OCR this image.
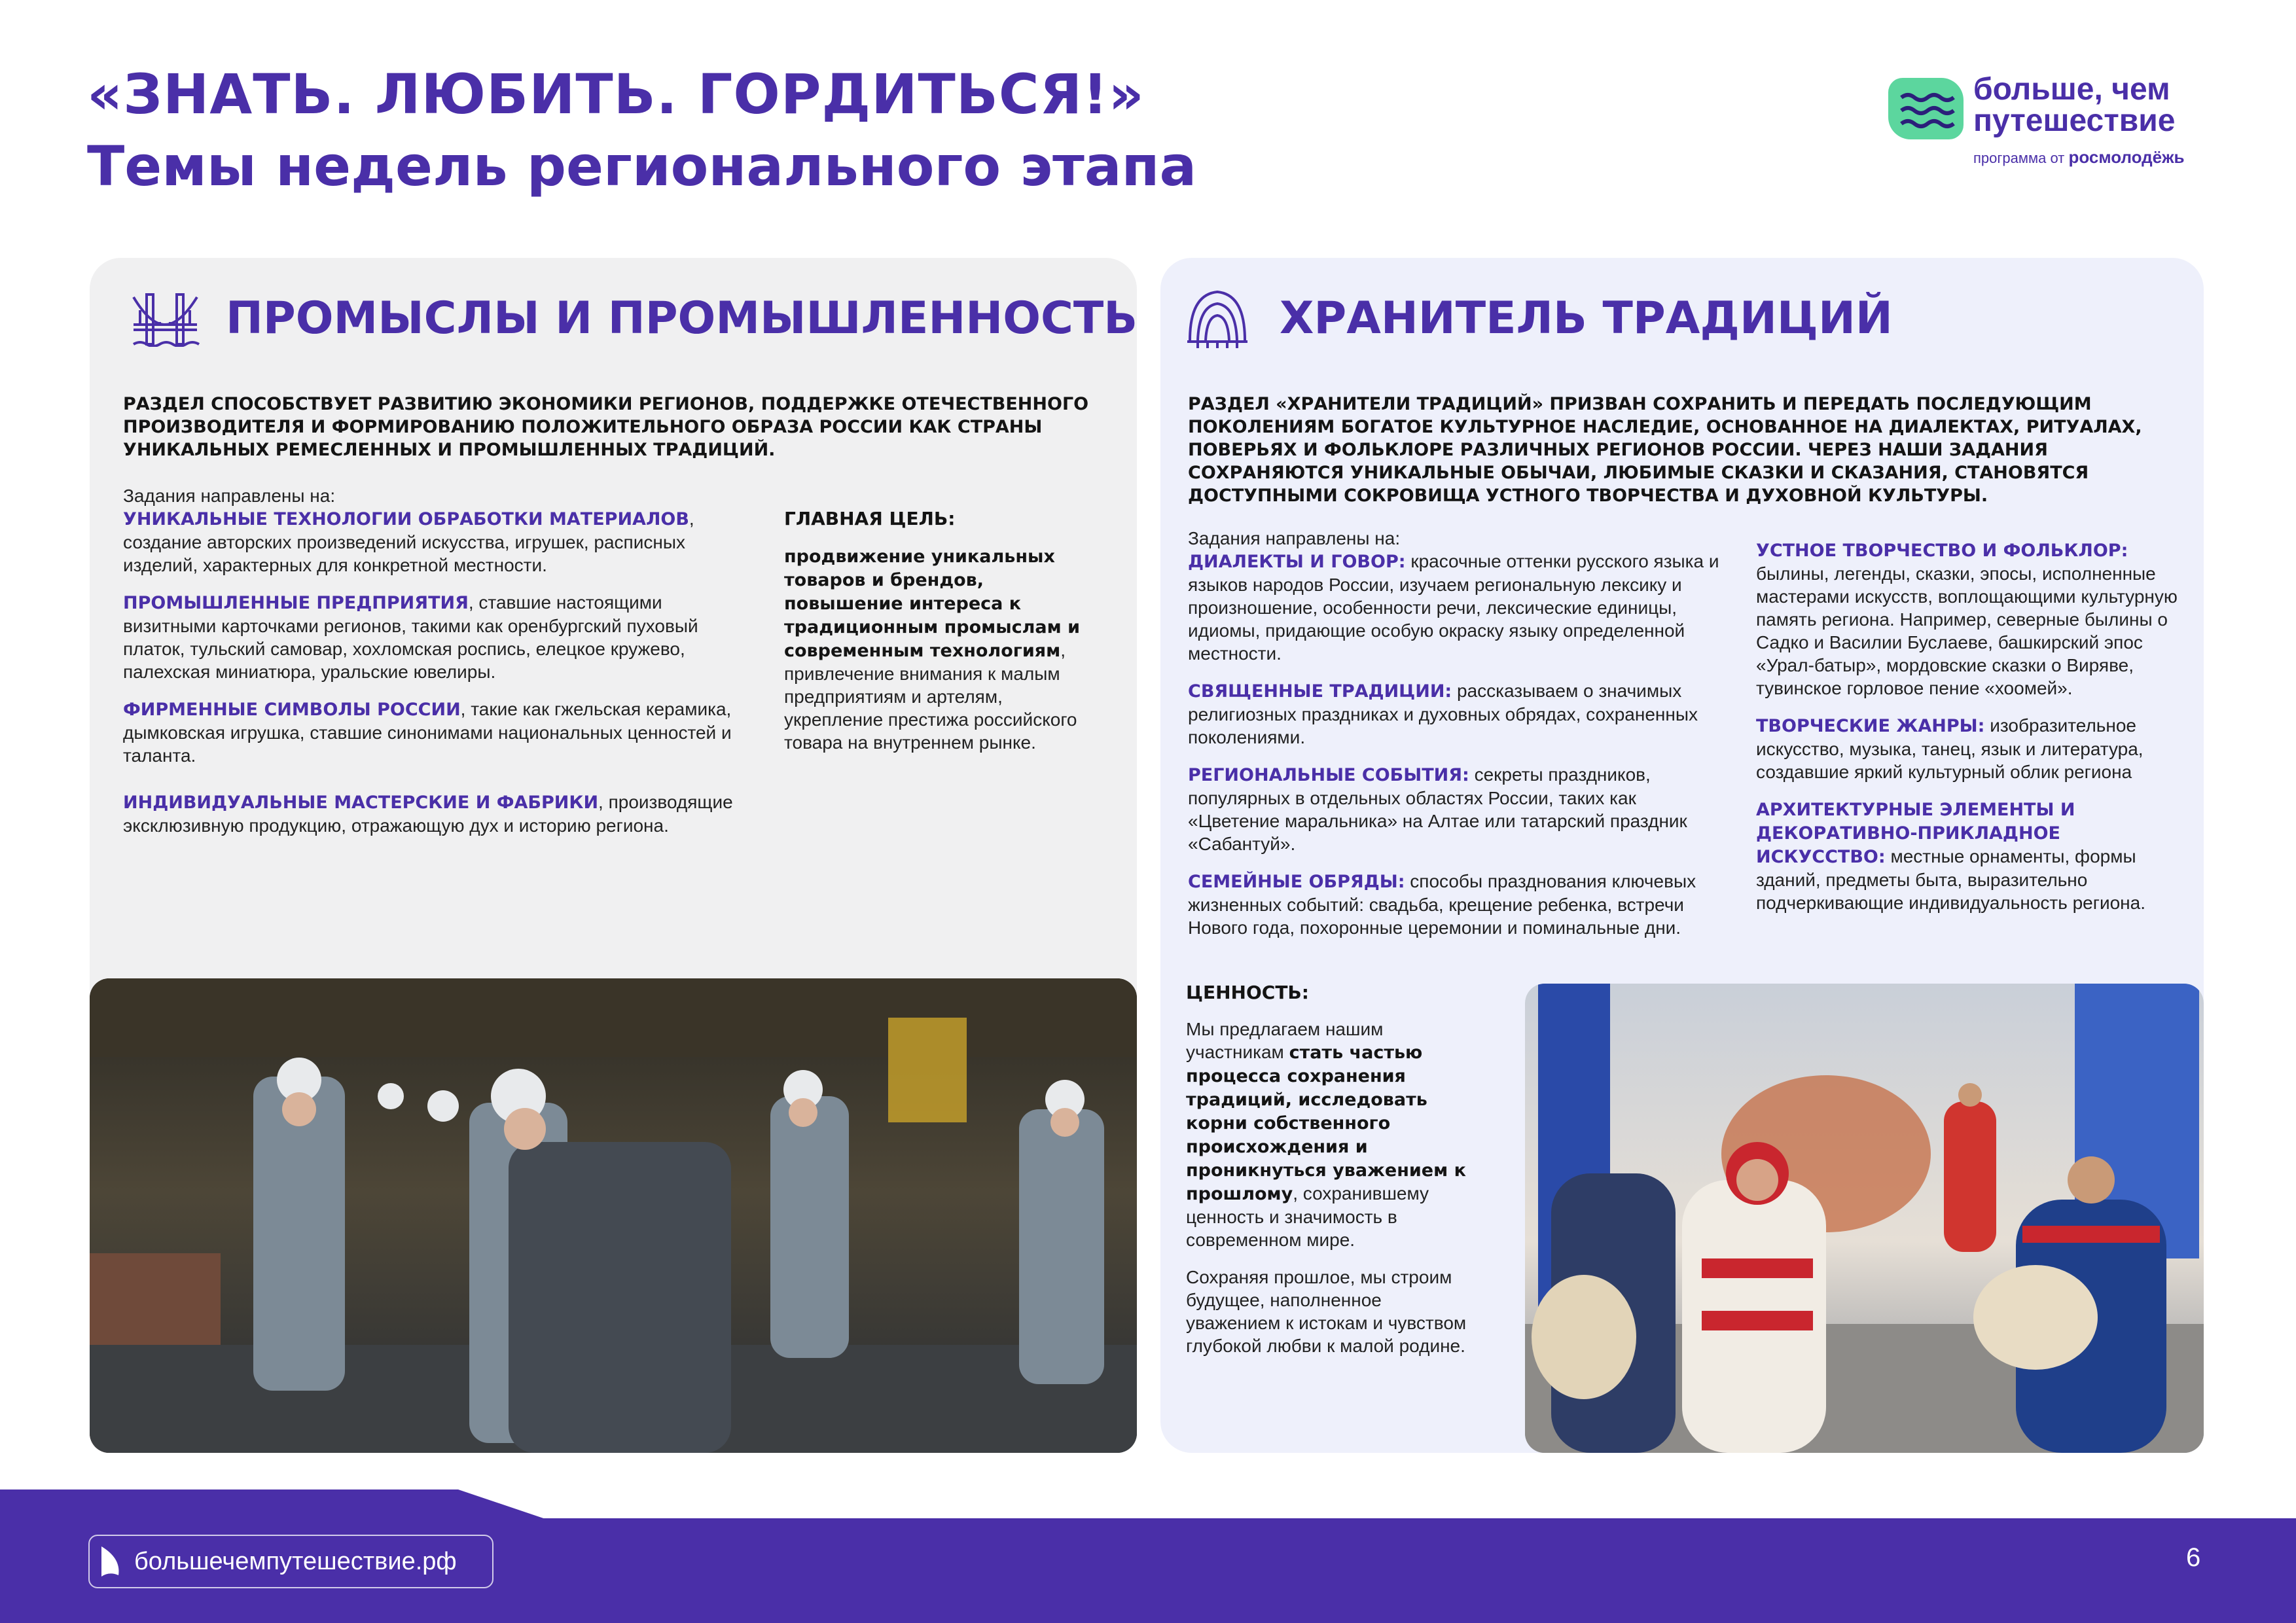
«ЗНАТЬ. ЛЮБИТЬ. ГОРДИТЬСЯ!»
Темы недель регионального этапа
больше, чем
путешествие
программа от росмолодёжь
ПРОМЫСЛЫ И ПРОМЫШЛЕННОСТЬ
РАЗДЕЛ СПОСОБСТВУЕТ РАЗВИТИЮ ЭКОНОМИКИ РЕГИОНОВ, ПОДДЕРЖКЕ ОТЕЧЕСТВЕННОГО
ПРОИЗВОДИТЕЛЯ И ФОРМИРОВАНИЮ ПОЛОЖИТЕЛЬНОГО ОБРАЗА РОССИИ КАК СТРАНЫ
УНИКАЛЬНЫХ РЕМЕСЛЕННЫХ И ПРОМЫШЛЕННЫХ ТРАДИЦИЙ.
Задания направлены на:
УНИКАЛЬНЫЕ ТЕХНОЛОГИИ ОБРАБОТКИ МАТЕРИАЛОВ, создание авторских произведений искусства, игрушек, расписных изделий, характерных для конкретной местности.
ПРОМЫШЛЕННЫЕ ПРЕДПРИЯТИЯ, ставшие настоящими визитными карточками регионов, такими как оренбургский пуховый платок, тульский самовар, хохломская роспись, елецкое кружево, палехская миниатюра, уральские ювелиры.
ФИРМЕННЫЕ СИМВОЛЫ РОССИИ, такие как гжельская керамика, дымковская игрушка, ставшие синонимами национальных ценностей и таланта.
ИНДИВИДУАЛЬНЫЕ МАСТЕРСКИЕ И ФАБРИКИ, производящие эксклюзивную продукцию, отражающую дух и историю региона.
ГЛАВНАЯ ЦЕЛЬ:
продвижение уникальных товаров и брендов, повышение интереса к традиционным промыслам и современным технологиям, привлечение внимания к малым предприятиям и артелям, укрепление престижа российского товара на внутреннем рынке.
ХРАНИТЕЛЬ ТРАДИЦИЙ
РАЗДЕЛ «ХРАНИТЕЛИ ТРАДИЦИЙ» ПРИЗВАН СОХРАНИТЬ И ПЕРЕДАТЬ ПОСЛЕДУЮЩИМ
ПОКОЛЕНИЯМ БОГАТОЕ КУЛЬТУРНОЕ НАСЛЕДИЕ, ОСНОВАННОЕ НА ДИАЛЕКТАХ, РИТУАЛАХ,
ПОВЕРЬЯХ И ФОЛЬКЛОРЕ РАЗЛИЧНЫХ РЕГИОНОВ РОССИИ. ЧЕРЕЗ НАШИ ЗАДАНИЯ
СОХРАНЯЮТСЯ УНИКАЛЬНЫЕ ОБЫЧАИ, ЛЮБИМЫЕ СКАЗКИ И СКАЗАНИЯ, СТАНОВЯТСЯ
ДОСТУПНЫМИ СОКРОВИЩА УСТНОГО ТВОРЧЕСТВА И ДУХОВНОЙ КУЛЬТУРЫ.
Задания направлены на:
ДИАЛЕКТЫ И ГОВОР: красочные оттенки русского языка и языков народов России, изучаем региональную лексику и произношение, особенности речи, лексические единицы, идиомы, придающие особую окраску языку определенной местности.
СВЯЩЕННЫЕ ТРАДИЦИИ: рассказываем о значимых религиозных праздниках и духовных обрядах, сохраненных поколениями.
РЕГИОНАЛЬНЫЕ СОБЫТИЯ: секреты праздников, популярных в отдельных областях России, таких как «Цветение маральника» на Алтае или татарский праздник «Сабантуй».
СЕМЕЙНЫЕ ОБРЯДЫ: способы празднования ключевых жизненных событий: свадьба, крещение ребенка, встречи Нового года, похоронные церемонии и поминальные дни.
УСТНОЕ ТВОРЧЕСТВО И ФОЛЬКЛОР: былины, легенды, сказки, эпосы, исполненные мастерами искусств, воплощающими культурную память региона. Например, северные былины о Садко и Василии Буслаеве, башкирский эпос «Урал-батыр», мордовские сказки о Виряве, тувинское горловое пение «хоомей».
ТВОРЧЕСКИЕ ЖАНРЫ: изобразительное искусство, музыка, танец, язык и литература, создавшие яркий культурный облик региона
АРХИТЕКТУРНЫЕ ЭЛЕМЕНТЫ И ДЕКОРАТИВНО-ПРИКЛАДНОЕ ИСКУССТВО: местные орнаменты, формы зданий, предметы быта, выразительно подчеркивающие индивидуальность региона.
ЦЕННОСТЬ:
Мы предлагаем нашим участникам стать частью процесса сохранения традиций, исследовать корни собственного происхождения и проникнуться уважением к прошлому, сохранившему ценность и значимость в современном мире.
Сохраняя прошлое, мы строим будущее, наполненное уважением к истокам и чувством глубокой любви к малой родине.
большечемпутешествие.рф	6
